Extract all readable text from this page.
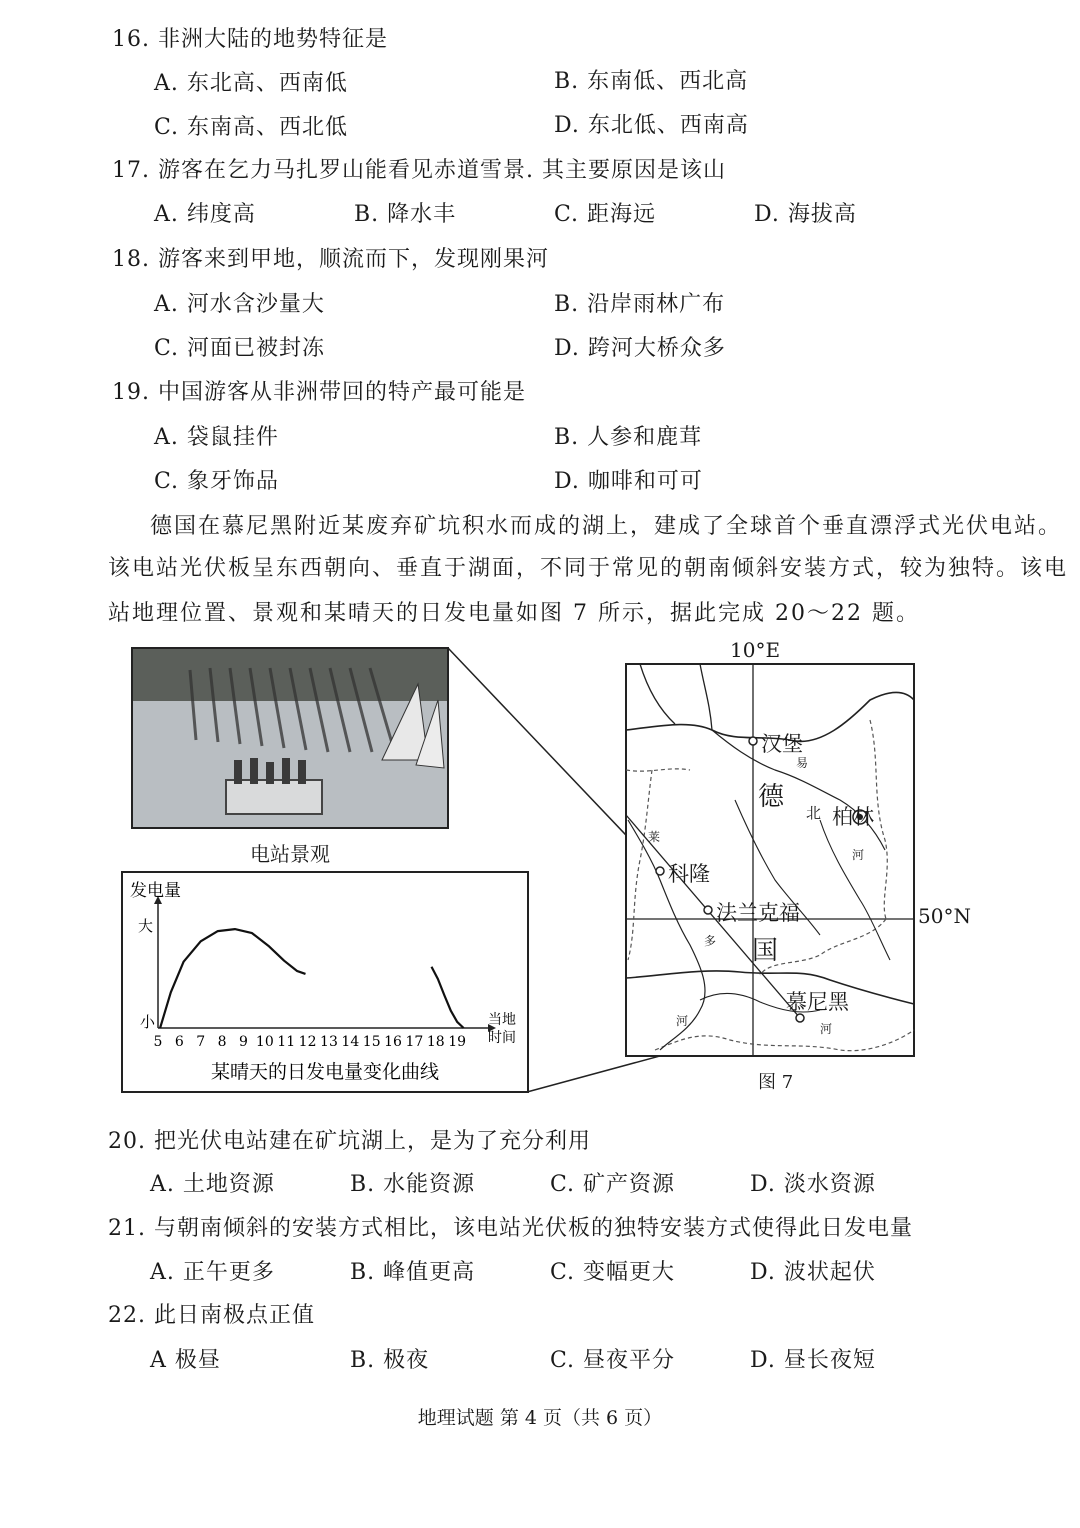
16. 非洲大陆的地势特征是
A. 东北高、西南低	B. 东南低、西北高
C. 东南高、西北低	D. 东北低、西南高
17. 游客在乞力马扎罗山能看见赤道雪景. 其主要原因是该山
A. 纬度高	B. 降水丰	C. 距海远	D. 海拔高
18. 游客来到甲地，顺流而下，发现刚果河
A. 河水含沙量大	B. 沿岸雨林广布
C. 河面已被封冻	D. 跨河大桥众多
19. 中国游客从非洲带回的特产最可能是
A. 袋鼠挂件	B. 人参和鹿茸
C. 象牙饰品	D. 咖啡和可可
德国在慕尼黑附近某废弃矿坑积水而成的湖上，建成了全球首个垂直漂浮式光伏电站。
该电站光伏板呈东西朝向、垂直于湖面，不同于常见的朝南倾斜安装方式，较为独特。该电
站地理位置、景观和某晴天的日发电量如图 7 所示，据此完成 20～22 题。
发电量
大
小
5 6 7 8 9 10 11 12 13 14 15 16 17 18 19
当地
时间
某晴天的日发电量变化曲线
电站景观
10°E
50°N
德
国
汉堡
柏林
科隆
法兰克福
慕尼黑
易
北
河
莱
河
多
河
图 7
20. 把光伏电站建在矿坑湖上，是为了充分利用
A. 土地资源	B. 水能资源	C. 矿产资源	D. 淡水资源
21. 与朝南倾斜的安装方式相比，该电站光伏板的独特安装方式使得此日发电量
A. 正午更多	B. 峰值更高	C. 变幅更大	D. 波状起伏
22. 此日南极点正值
A 极昼	B. 极夜	C. 昼夜平分	D. 昼长夜短
地理试题 第 4 页（共 6 页）
